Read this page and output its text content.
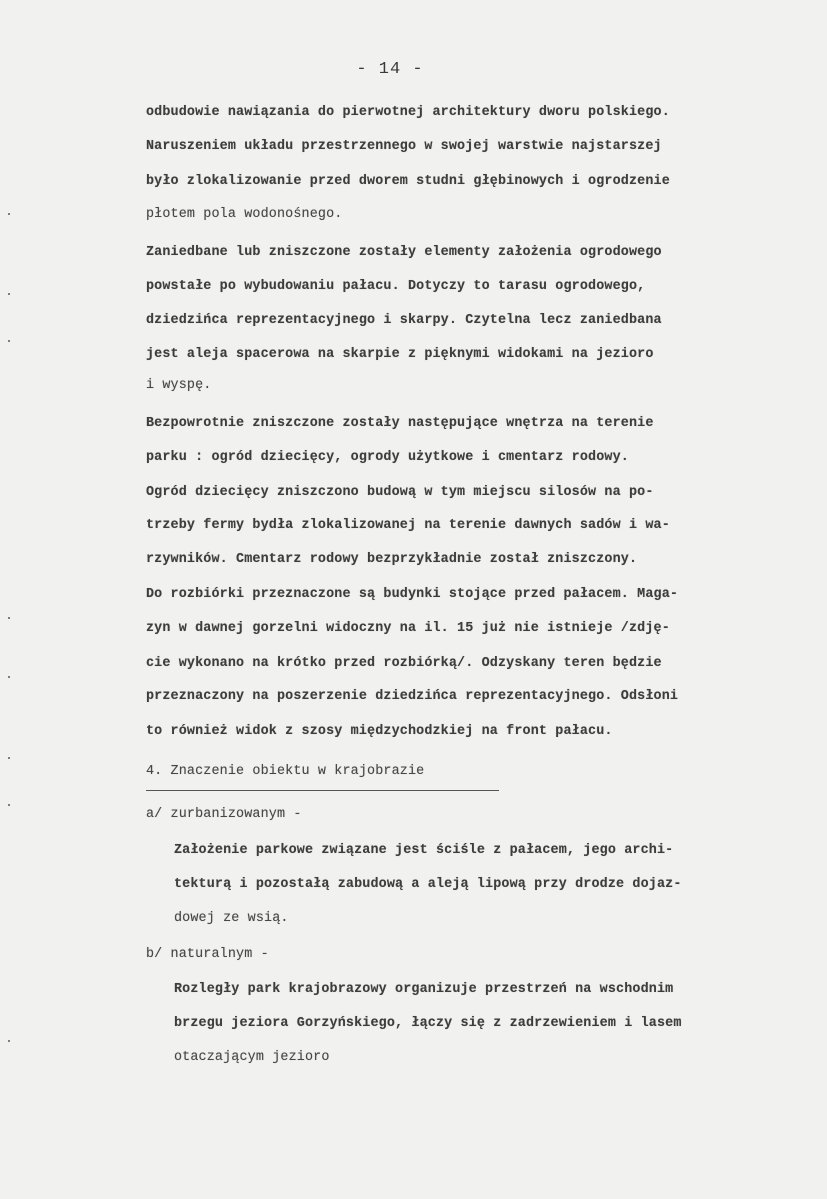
- 14 -
odbudowie nawiązania do pierwotnej architektury dworu polskiego.
Naruszeniem układu przestrzennego w swojej warstwie najstarszej
było zlokalizowanie przed dworem studni głębinowych i ogrodzenie
płotem pola wodonośnego.
Zaniedbane lub zniszczone zostały elementy założenia ogrodowego
powstałe po wybudowaniu pałacu. Dotyczy to tarasu ogrodowego,
dziedzińca reprezentacyjnego i skarpy. Czytelna lecz zaniedbana
jest aleja spacerowa na skarpie z pięknymi widokami na jezioro
i wyspę.
Bezpowrotnie zniszczone zostały następujące wnętrza na terenie
parku : ogród dziecięcy, ogrody użytkowe i cmentarz rodowy.
Ogród dziecięcy zniszczono budową w tym miejscu silosów na po-
trzeby fermy bydła zlokalizowanej na terenie dawnych sadów i wa-
rzywników. Cmentarz rodowy bezprzykładnie został zniszczony.
Do rozbiórki przeznaczone są budynki stojące przed pałacem. Maga-
zyn w dawnej gorzelni widoczny na il. 15 już nie istnieje /zdję-
cie wykonano na krótko przed rozbiórką/. Odzyskany teren będzie
przeznaczony na poszerzenie dziedzińca reprezentacyjnego. Odsłoni
to również widok z szosy międzychodzkiej na front pałacu.
4. Znaczenie obiektu w krajobrazie
a/ zurbanizowanym -
Założenie parkowe związane jest ściśle z pałacem, jego archi-
tekturą i pozostałą zabudową a aleją lipową przy drodze dojaz-
dowej ze wsią.
b/ naturalnym -
Rozległy park krajobrazowy organizuje przestrzeń na wschodnim
brzegu jeziora Gorzyńskiego, łączy się z zadrzewieniem i lasem
otaczającym jezioro
